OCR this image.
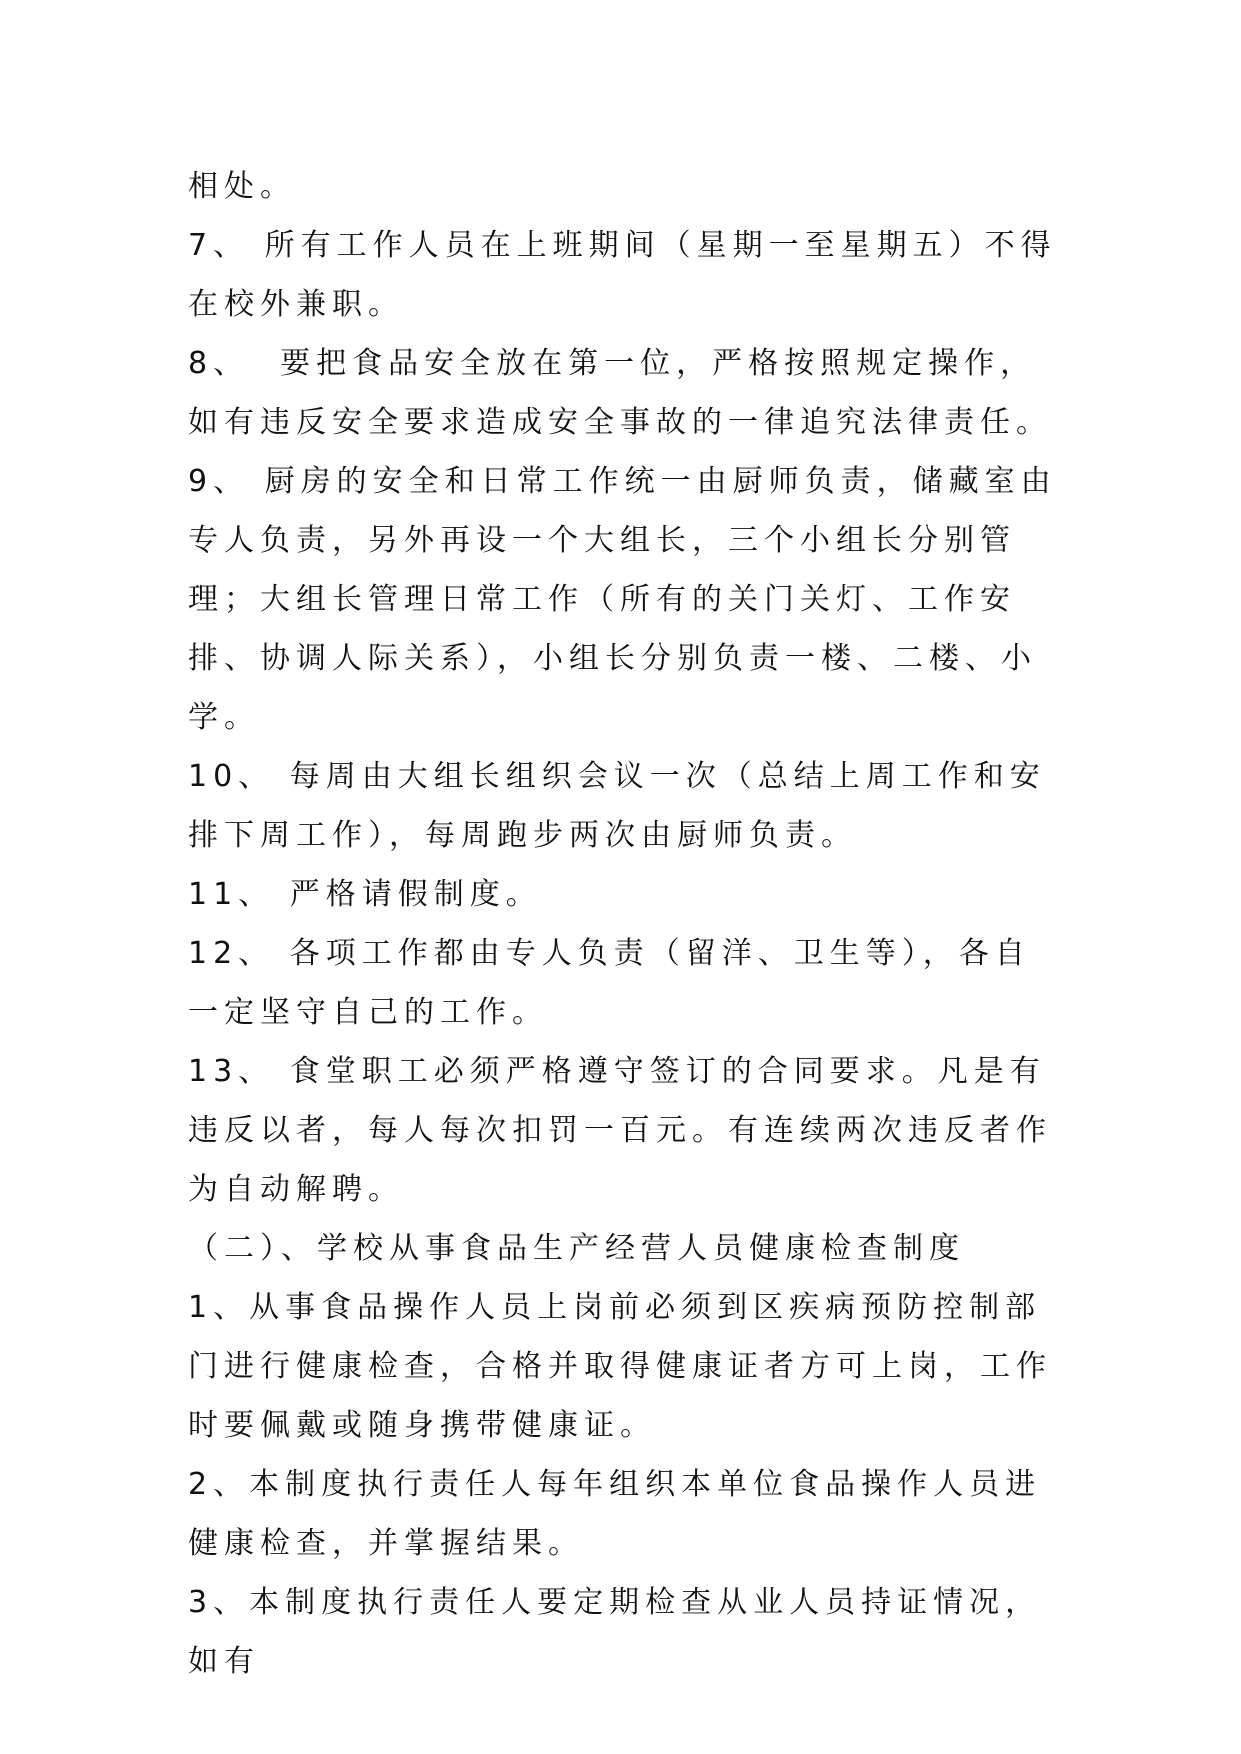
相处。

7、 所有工作人员在上班期间（星期一至星期五）不得在校外兼职。

8、  要把食品安全放在第一位，严格按照规定操作，如有违反安全要求造成安全事故的一律追究法律责任。

9、 厨房的安全和日常工作统一由厨师负责，储藏室由专人负责，另外再设一个大组长，三个小组长分别管理；大组长管理日常工作（所有的关门关灯、工作安排、协调人际关系），小组长分别负责一楼、二楼、小学。

10、 每周由大组长组织会议一次（总结上周工作和安排下周工作），每周跑步两次由厨师负责。

11、 严格请假制度。

12、 各项工作都由专人负责（留洋、卫生等），各自一定坚守自己的工作。

13、 食堂职工必须严格遵守签订的合同要求。凡是有违反以者，每人每次扣罚一百元。有连续两次违反者作为自动解聘。

（二）、学校从事食品生产经营人员健康检查制度

1、从事食品操作人员上岗前必须到区疾病预防控制部门进行健康检查，合格并取得健康证者方可上岗，工作时要佩戴或随身携带健康证。

2、本制度执行责任人每年组织本单位食品操作人员进健康检查，并掌握结果。

3、本制度执行责任人要定期检查从业人员持证情况，如有
